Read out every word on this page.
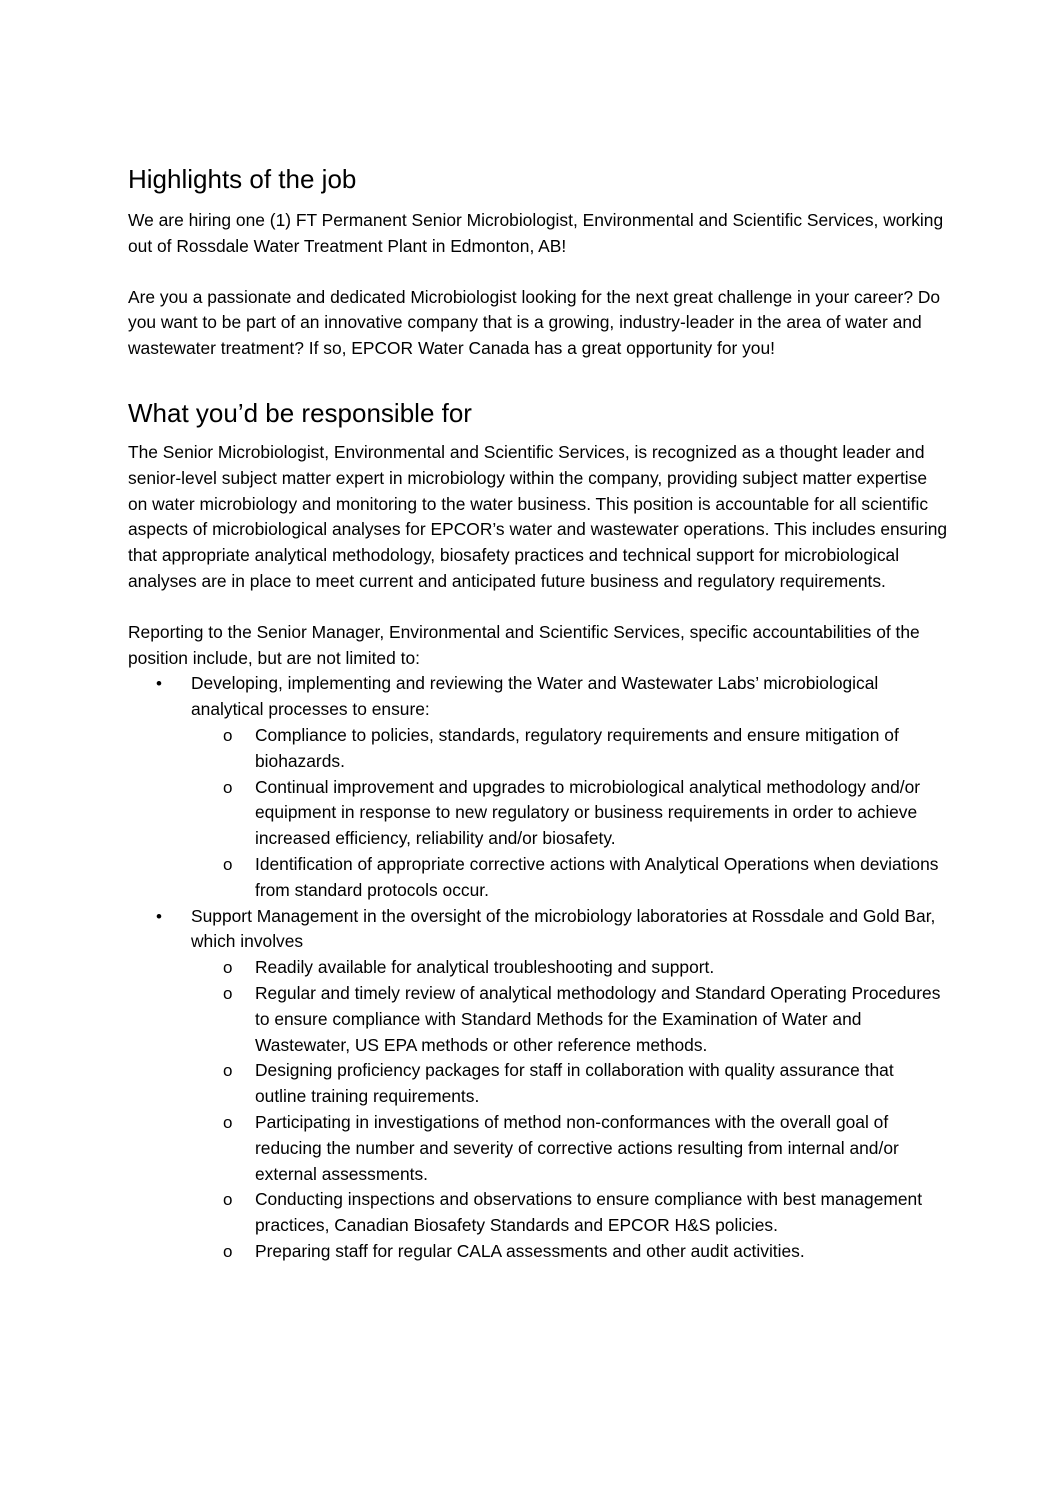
Highlights of the job

We are hiring one (1) FT Permanent Senior Microbiologist, Environmental and Scientific Services, working out of Rossdale Water Treatment Plant in Edmonton, AB!

Are you a passionate and dedicated Microbiologist looking for the next great challenge in your career? Do you want to be part of an innovative company that is a growing, industry-leader in the area of water and wastewater treatment? If so, EPCOR Water Canada has a great opportunity for you!

What you’d be responsible for

The Senior Microbiologist, Environmental and Scientific Services, is recognized as a thought leader and senior-level subject matter expert in microbiology within the company, providing subject matter expertise on water microbiology and monitoring to the water business. This position is accountable for all scientific aspects of microbiological analyses for EPCOR’s water and wastewater operations. This includes ensuring that appropriate analytical methodology, biosafety practices and technical support for microbiological analyses are in place to meet current and anticipated future business and regulatory requirements.

Reporting to the Senior Manager, Environmental and Scientific Services, specific accountabilities of the position include, but are not limited to:

• Developing, implementing and reviewing the Water and Wastewater Labs’ microbiological analytical processes to ensure:
o Compliance to policies, standards, regulatory requirements and ensure mitigation of biohazards.
o Continual improvement and upgrades to microbiological analytical methodology and/or equipment in response to new regulatory or business requirements in order to achieve increased efficiency, reliability and/or biosafety.
o Identification of appropriate corrective actions with Analytical Operations when deviations from standard protocols occur.
• Support Management in the oversight of the microbiology laboratories at Rossdale and Gold Bar, which involves
o Readily available for analytical troubleshooting and support.
o Regular and timely review of analytical methodology and Standard Operating Procedures to ensure compliance with Standard Methods for the Examination of Water and Wastewater, US EPA methods or other reference methods.
o Designing proficiency packages for staff in collaboration with quality assurance that outline training requirements.
o Participating in investigations of method non-conformances with the overall goal of reducing the number and severity of corrective actions resulting from internal and/or external assessments.
o Conducting inspections and observations to ensure compliance with best management practices, Canadian Biosafety Standards and EPCOR H&S policies.
o Preparing staff for regular CALA assessments and other audit activities.
